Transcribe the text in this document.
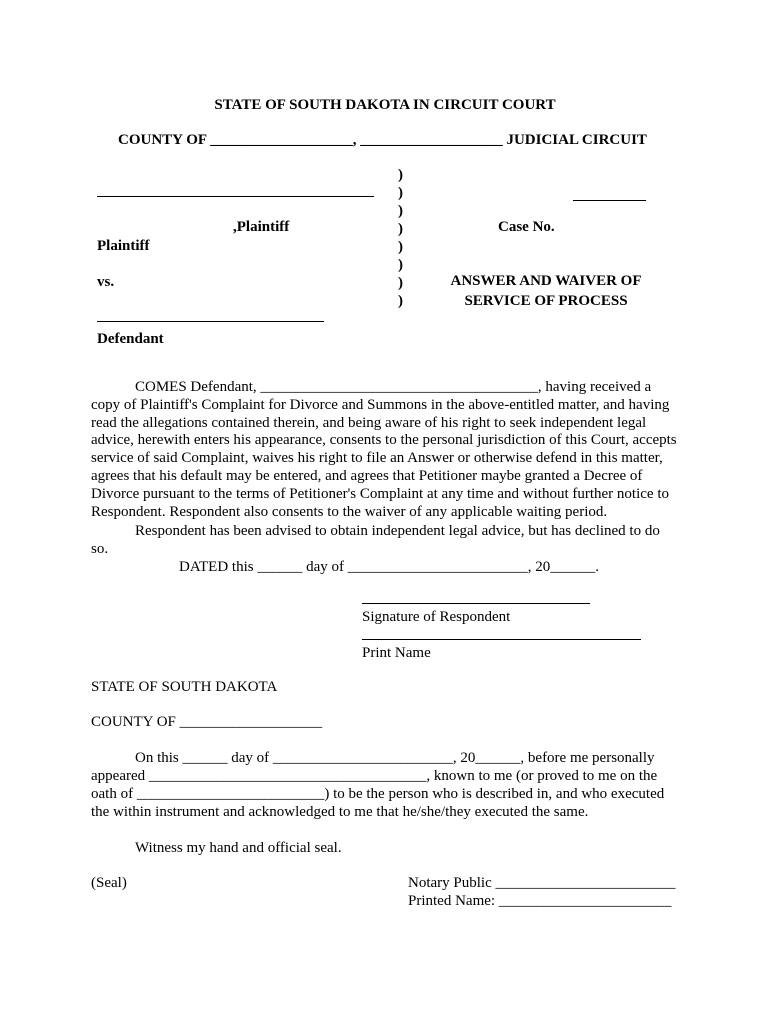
STATE OF SOUTH DAKOTA IN CIRCUIT COURT
COUNTY OF ___________________, ___________________ JUDICIAL CIRCUIT
,Plaintiff
Plaintiff
vs.
Defendant
)
)
)
)
)
)
)
)
Case No.
ANSWER AND WAIVER OF
SERVICE OF PROCESS
COMES Defendant, _____________________________________, having received a copy of Plaintiff's Complaint for Divorce and Summons in the above-entitled matter, and having read the allegations contained therein, and being aware of his right to seek independent legal advice, herewith enters his appearance, consents to the personal jurisdiction of this Court, accepts service of said Complaint, waives his right to file an Answer or otherwise defend in this matter, agrees that his default may be entered, and agrees that Petitioner maybe granted a Decree of Divorce pursuant to the terms of Petitioner's Complaint at any time and without further notice to Respondent. Respondent also consents to the waiver of any applicable waiting period.
Respondent has been advised to obtain independent legal advice, but has declined to do
so.
DATED this ______ day of ________________________, 20______.
Signature of Respondent
Print Name
STATE OF SOUTH DAKOTA
COUNTY OF ___________________
On this ______ day of ________________________, 20______, before me personally
appeared _____________________________________, known to me (or proved to me on the
oath of _________________________) to be the person who is described in, and who executed
the within instrument and acknowledged to me that he/she/they executed the same.
Witness my hand and official seal.
(Seal)	Notary Public ________________________
Printed Name: _______________________
